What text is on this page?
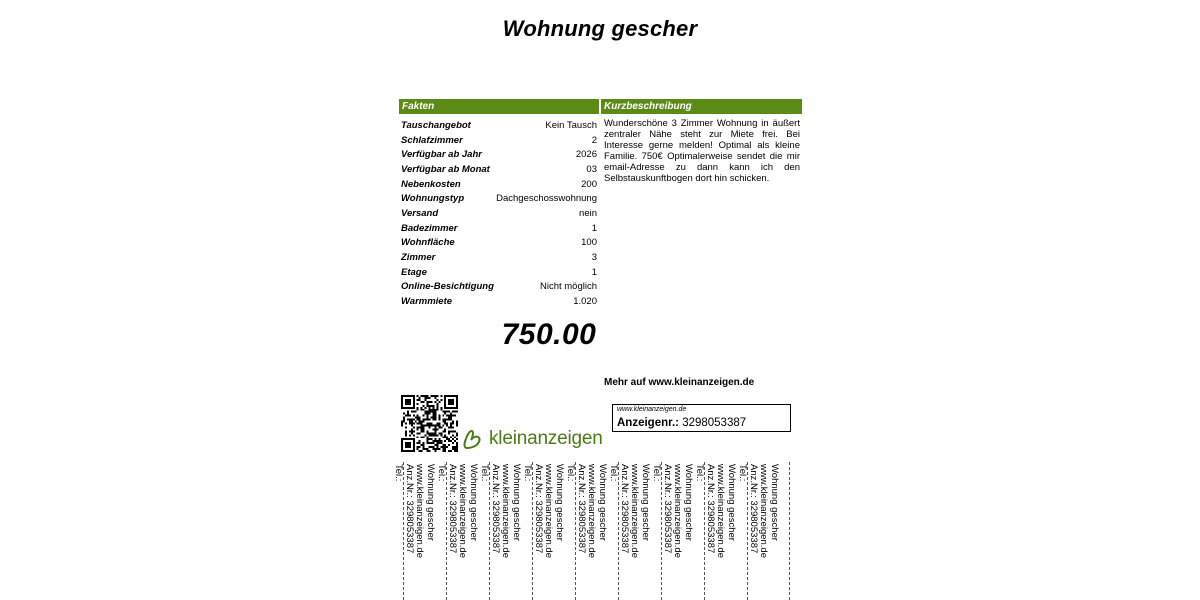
Wohnung gescher
Fakten	Kurzbeschreibung
Tauschangebot	Kein Tausch
Schlafzimmer	2
Verfügbar ab Jahr	2026
Verfügbar ab Monat	03
Nebenkosten	200
Wohnungstyp	Dachgeschosswohnung
Versand	nein
Badezimmer	1
Wohnfläche	100
Zimmer	3
Etage	1
Online-Besichtigung	Nicht möglich
Warmmiete	1.020
Wunderschöne 3 Zimmer Wohnung in äußert zentraler Nähe steht zur Miete frei. Bei Interesse gerne melden! Optimal als kleine Familie. 750€ Optimalerweise sendet die mir email-Adresse zu dann kann ich den Selbstauskunftbogen dort hin schicken.
750.00
Mehr auf www.kleinanzeigen.de
kleinanzeigen
www.kleinanzeigen.de
Anzeigenr.: 3298053387
Wohnung gescher
www.kleinanzeigen.de
Anz.Nr.: 3298053387
Tel.:	Wohnung gescher
www.kleinanzeigen.de
Anz.Nr.: 3298053387
Tel.:	Wohnung gescher
www.kleinanzeigen.de
Anz.Nr.: 3298053387
Tel.:	Wohnung gescher
www.kleinanzeigen.de
Anz.Nr.: 3298053387
Tel.:	Wohnung gescher
www.kleinanzeigen.de
Anz.Nr.: 3298053387
Tel.:	Wohnung gescher
www.kleinanzeigen.de
Anz.Nr.: 3298053387
Tel.:	Wohnung gescher
www.kleinanzeigen.de
Anz.Nr.: 3298053387
Tel.:	Wohnung gescher
www.kleinanzeigen.de
Anz.Nr.: 3298053387
Tel.:	Wohnung gescher
www.kleinanzeigen.de
Anz.Nr.: 3298053387
Tel.:
